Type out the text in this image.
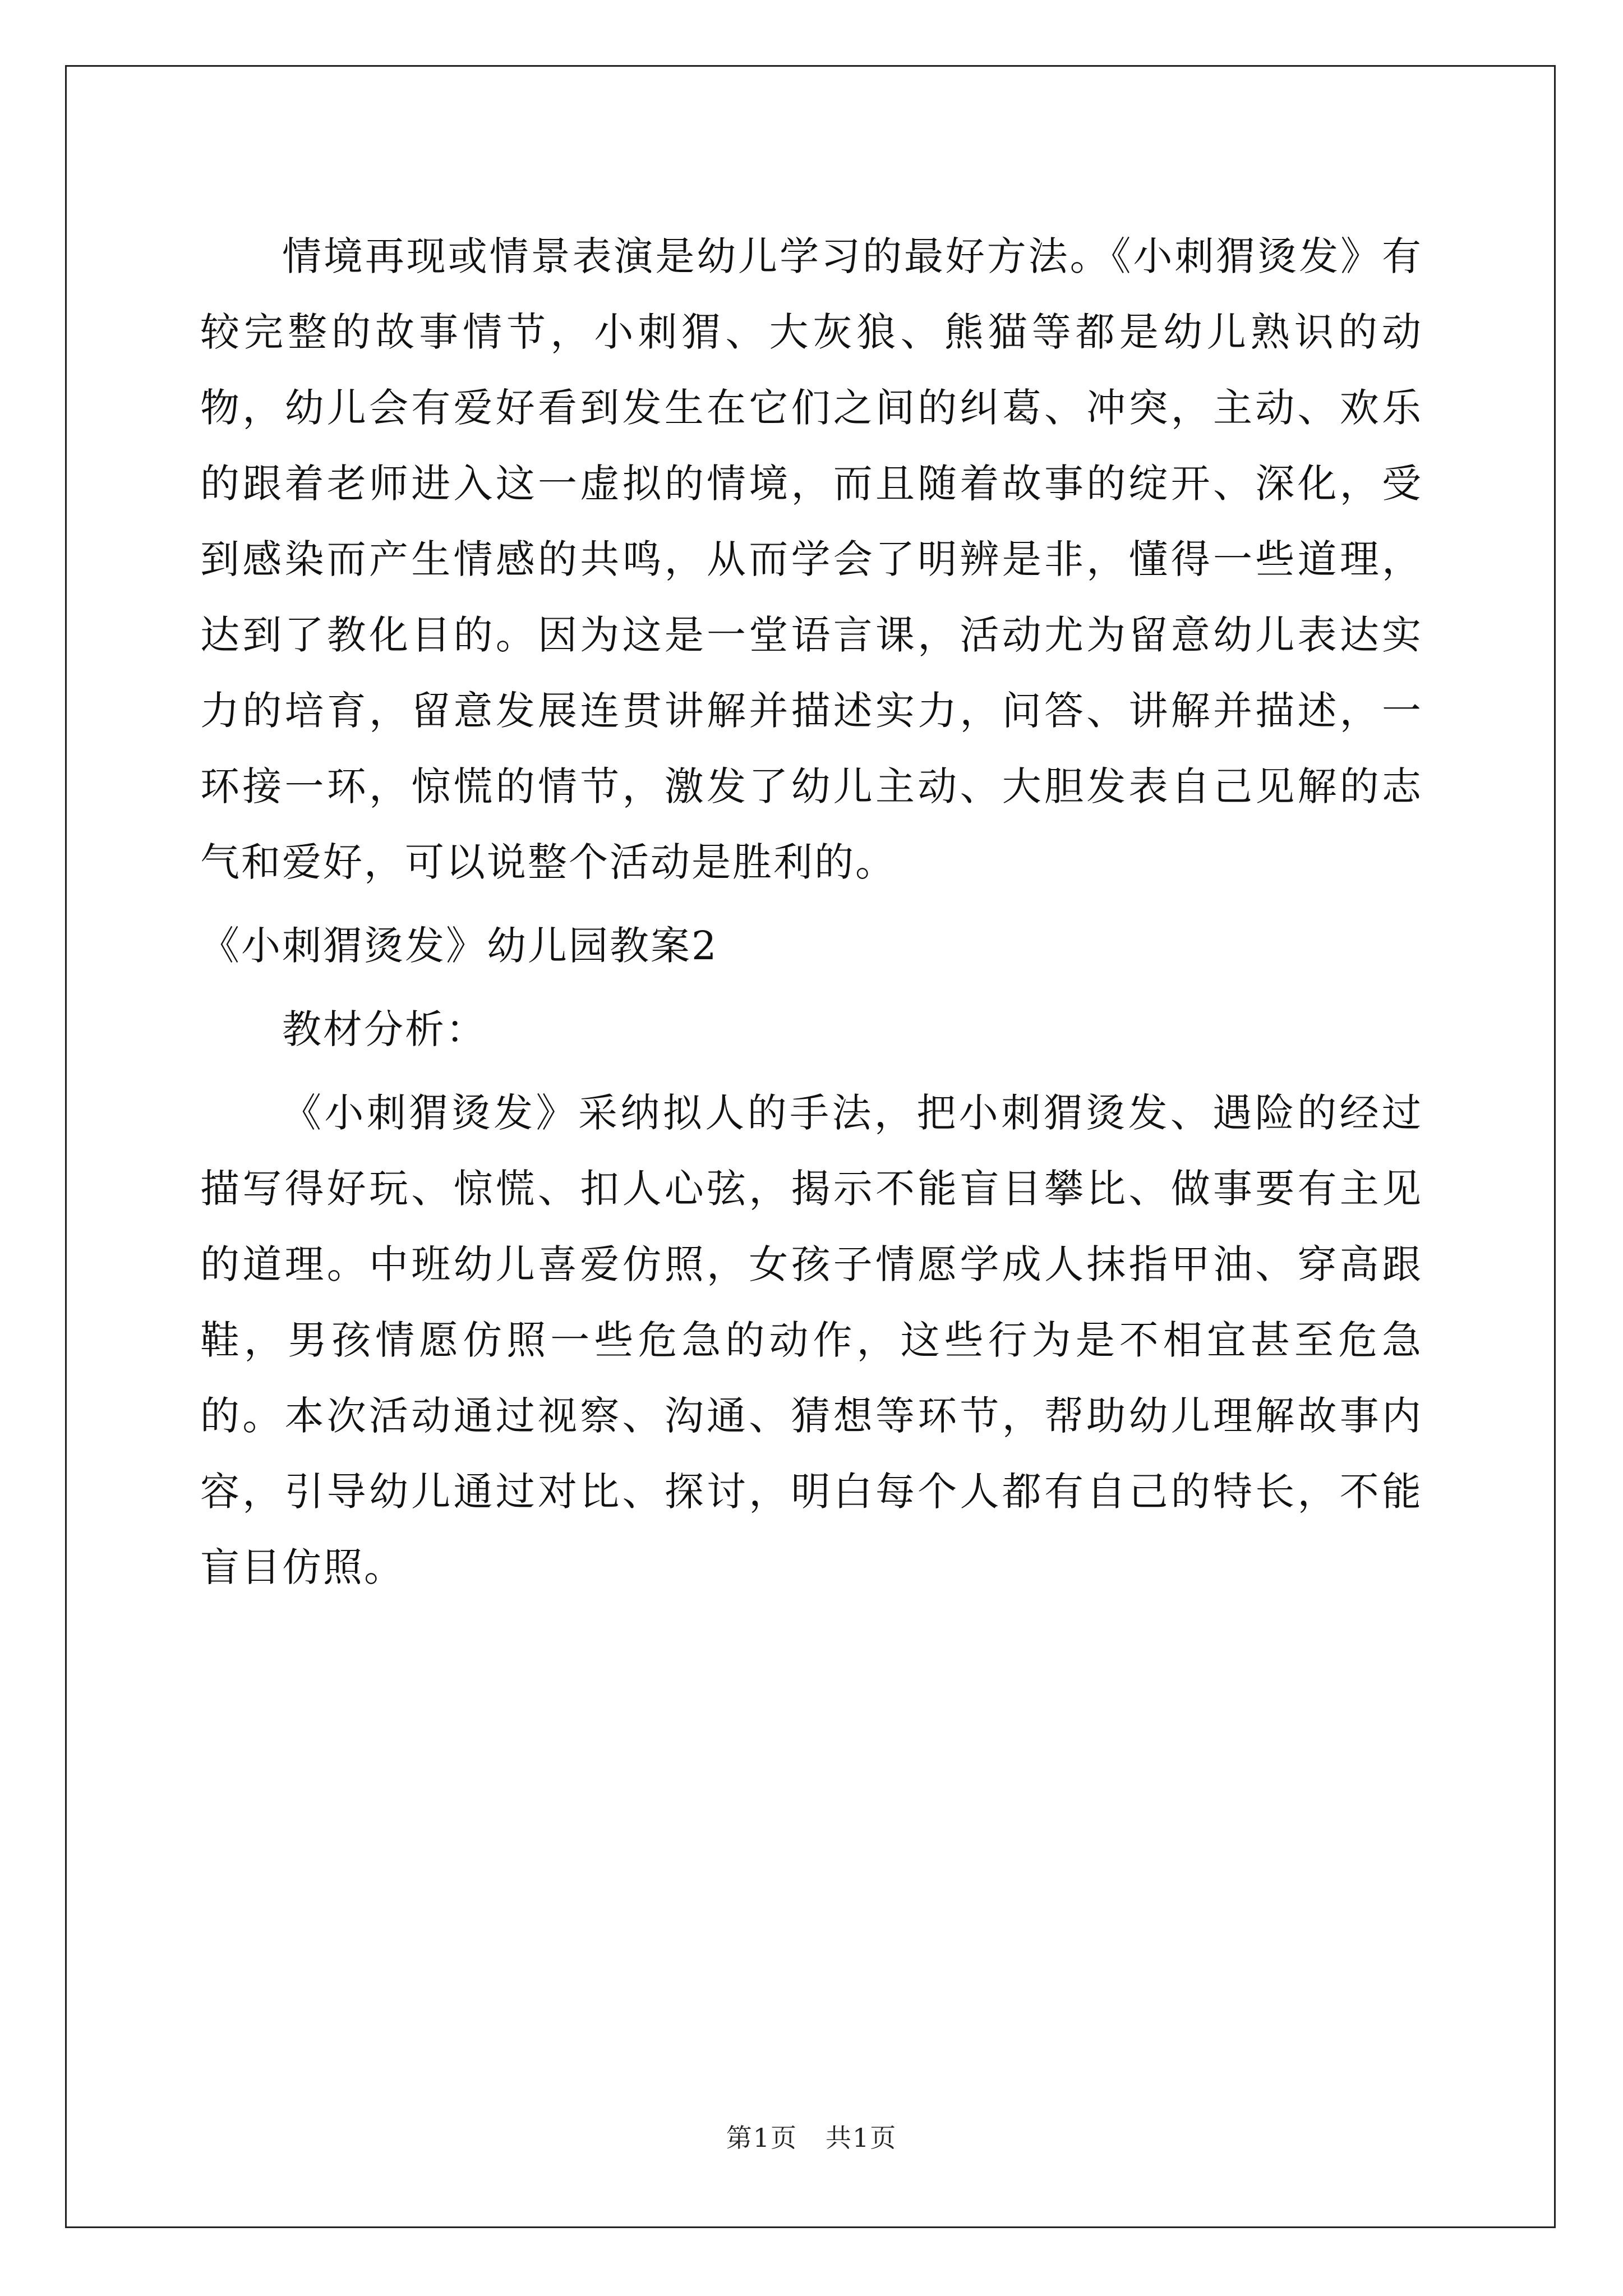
情境再现或情景表演是幼儿学习的最好方法。《小刺猬烫发》有较完整的故事情节，小刺猬、大灰狼、熊猫等都是幼儿熟识的动物，幼儿会有爱好看到发生在它们之间的纠葛、冲突，主动、欢乐的跟着老师进入这一虚拟的情境，而且随着故事的绽开、深化，受到感染而产生情感的共鸣，从而学会了明辨是非，懂得一些道理，达到了教化目的。因为这是一堂语言课，活动尤为留意幼儿表达实力的培育，留意发展连贯讲解并描述实力，问答、讲解并描述，一环接一环，惊慌的情节，激发了幼儿主动、大胆发表自己见解的志气和爱好，可以说整个活动是胜利的。

《小刺猬烫发》幼儿园教案2

教材分析：

《小刺猬烫发》采纳拟人的手法，把小刺猬烫发、遇险的经过描写得好玩、惊慌、扣人心弦，揭示不能盲目攀比、做事要有主见的道理。中班幼儿喜爱仿照，女孩子情愿学成人抹指甲油、穿高跟鞋，男孩情愿仿照一些危急的动作，这些行为是不相宜甚至危急的。本次活动通过视察、沟通、猜想等环节，帮助幼儿理解故事内容，引导幼儿通过对比、探讨，明白每个人都有自己的特长，不能盲目仿照。

第1页 共1页
